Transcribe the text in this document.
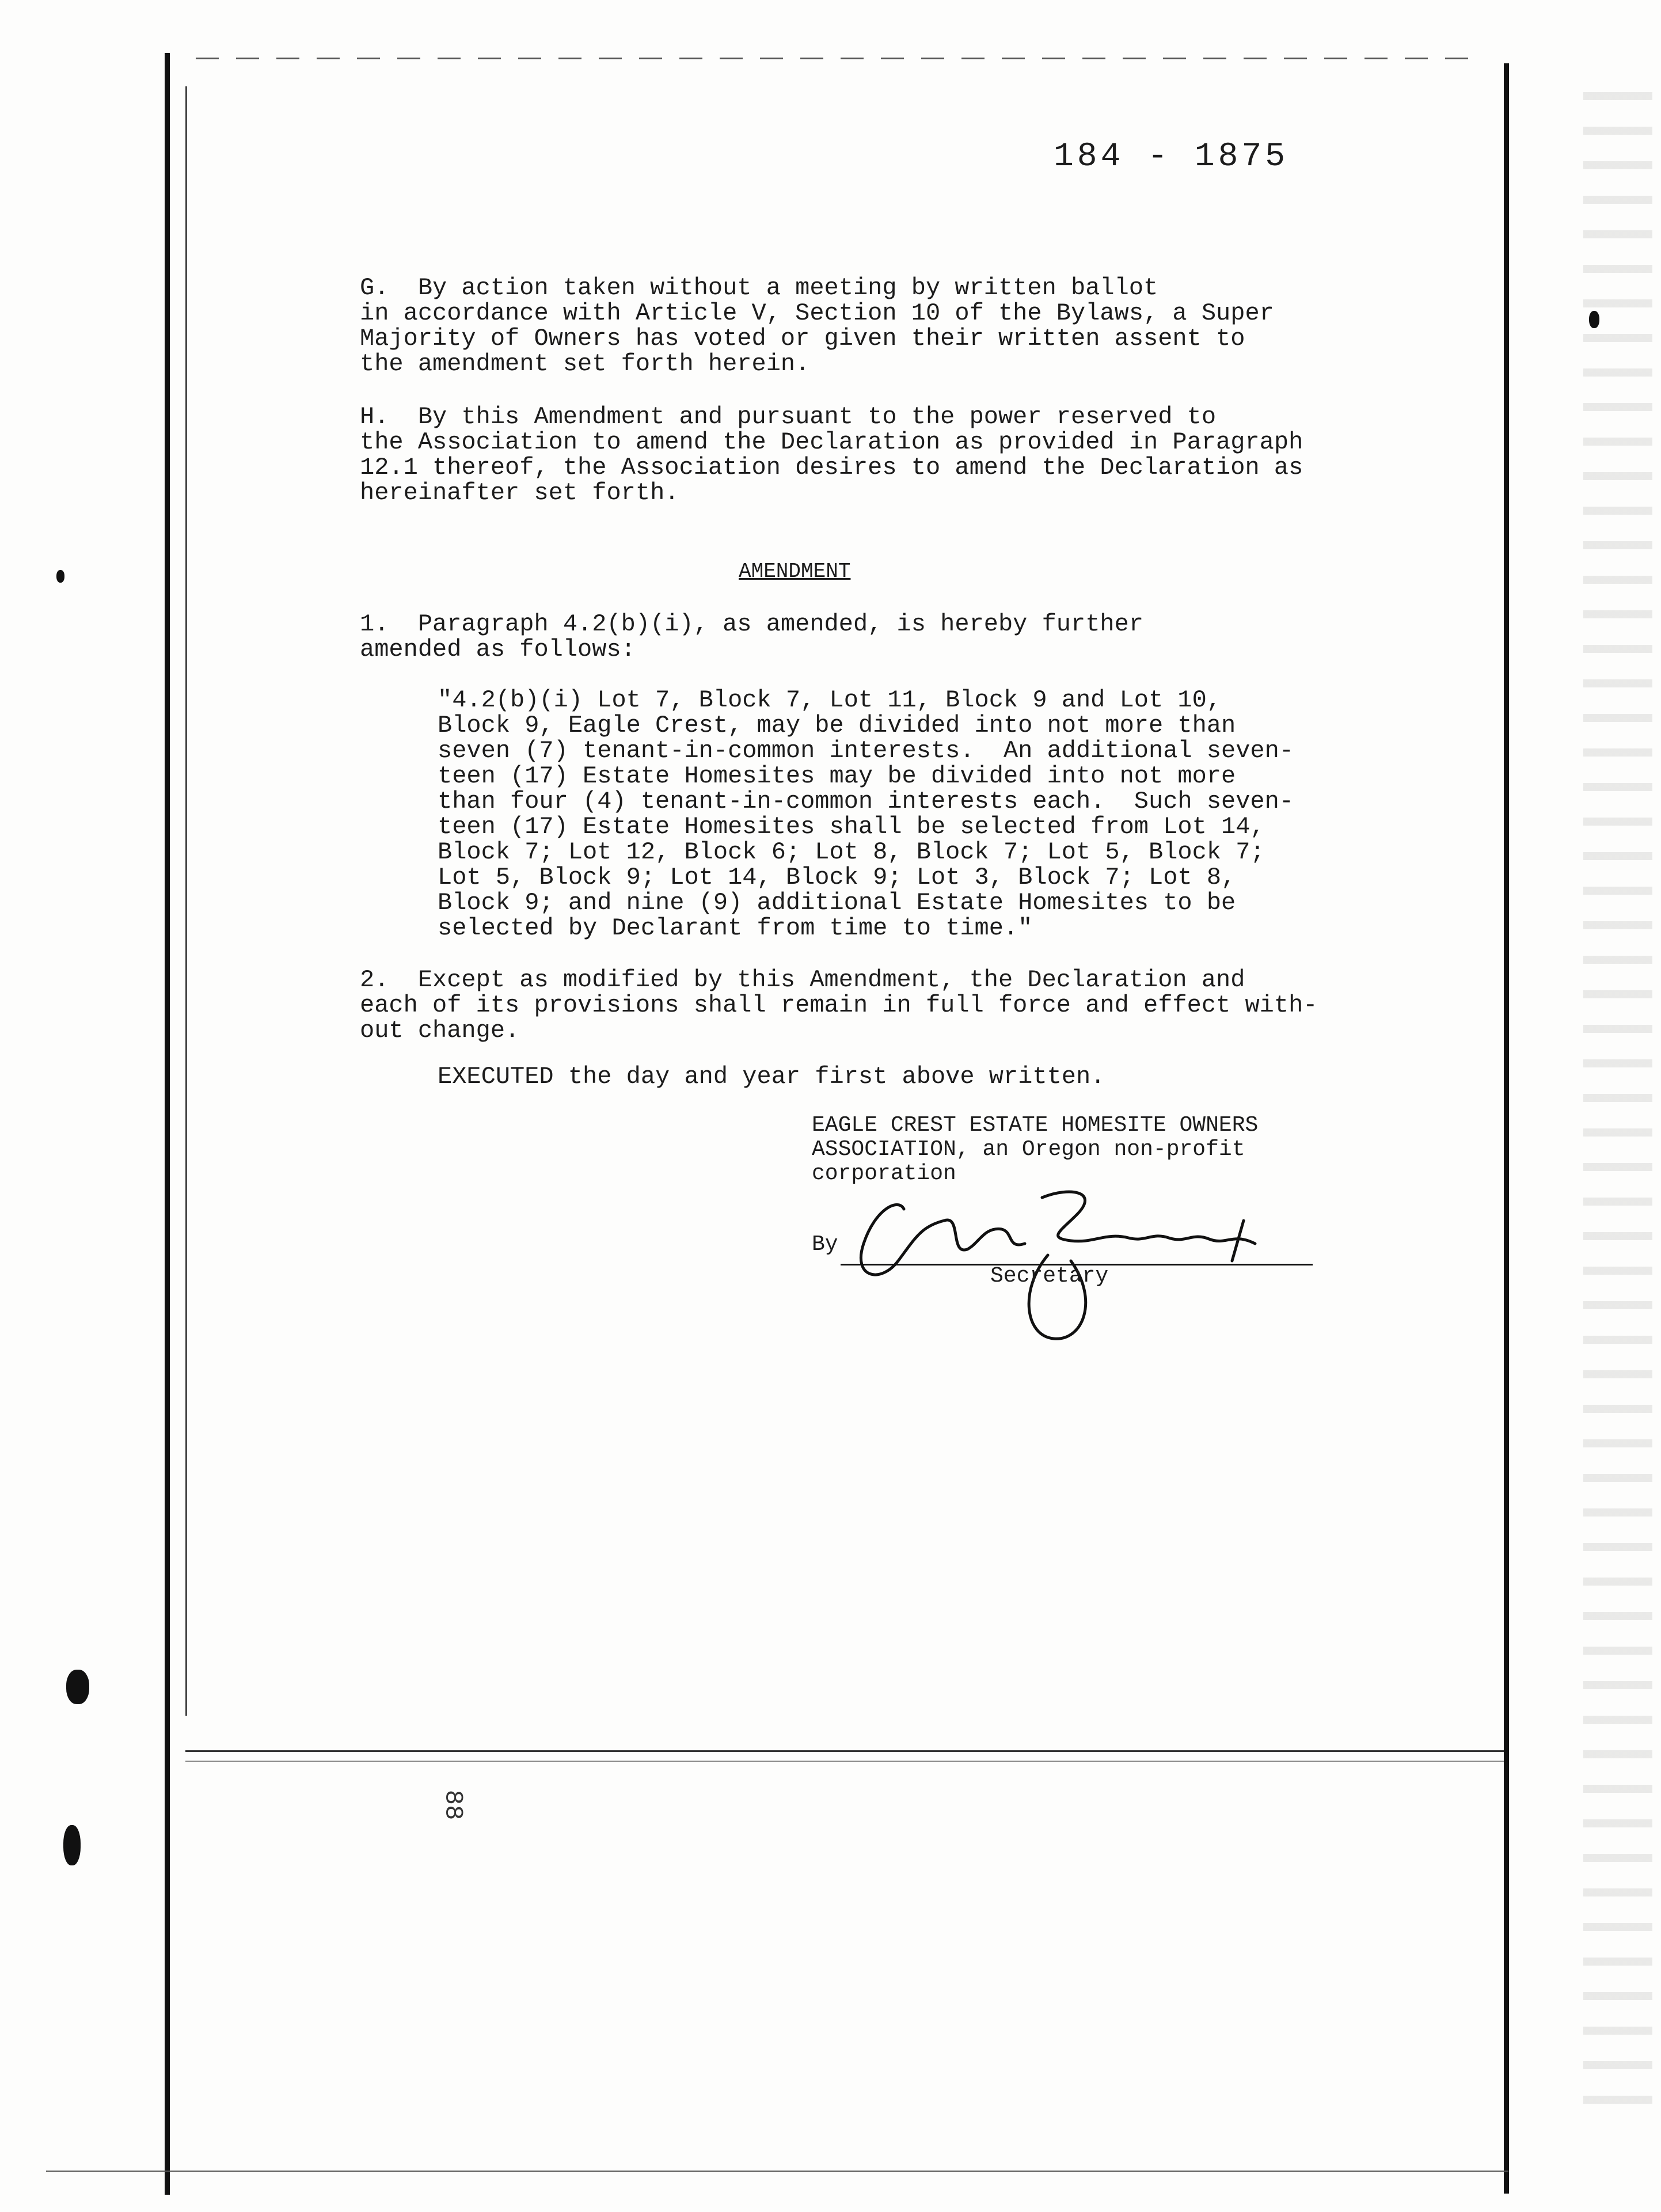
184 - 1875
G.  By action taken without a meeting by written ballot
in accordance with Article V, Section 10 of the Bylaws, a Super
Majority of Owners has voted or given their written assent to
the amendment set forth herein.
H.  By this Amendment and pursuant to the power reserved to
the Association to amend the Declaration as provided in Paragraph
12.1 thereof, the Association desires to amend the Declaration as
hereinafter set forth.
AMENDMENT
1.  Paragraph 4.2(b)(i), as amended, is hereby further
amended as follows:
"4.2(b)(i) Lot 7, Block 7, Lot 11, Block 9 and Lot 10,
Block 9, Eagle Crest, may be divided into not more than
seven (7) tenant-in-common interests.  An additional seven-
teen (17) Estate Homesites may be divided into not more
than four (4) tenant-in-common interests each.  Such seven-
teen (17) Estate Homesites shall be selected from Lot 14,
Block 7; Lot 12, Block 6; Lot 8, Block 7; Lot 5, Block 7;
Lot 5, Block 9; Lot 14, Block 9; Lot 3, Block 7; Lot 8,
Block 9; and nine (9) additional Estate Homesites to be
selected by Declarant from time to time."
2.  Except as modified by this Amendment, the Declaration and
each of its provisions shall remain in full force and effect with-
out change.
EXECUTED the day and year first above written.
EAGLE CREST ESTATE HOMESITE OWNERS
ASSOCIATION, an Oregon non-profit
corporation
By
Secretary
88
